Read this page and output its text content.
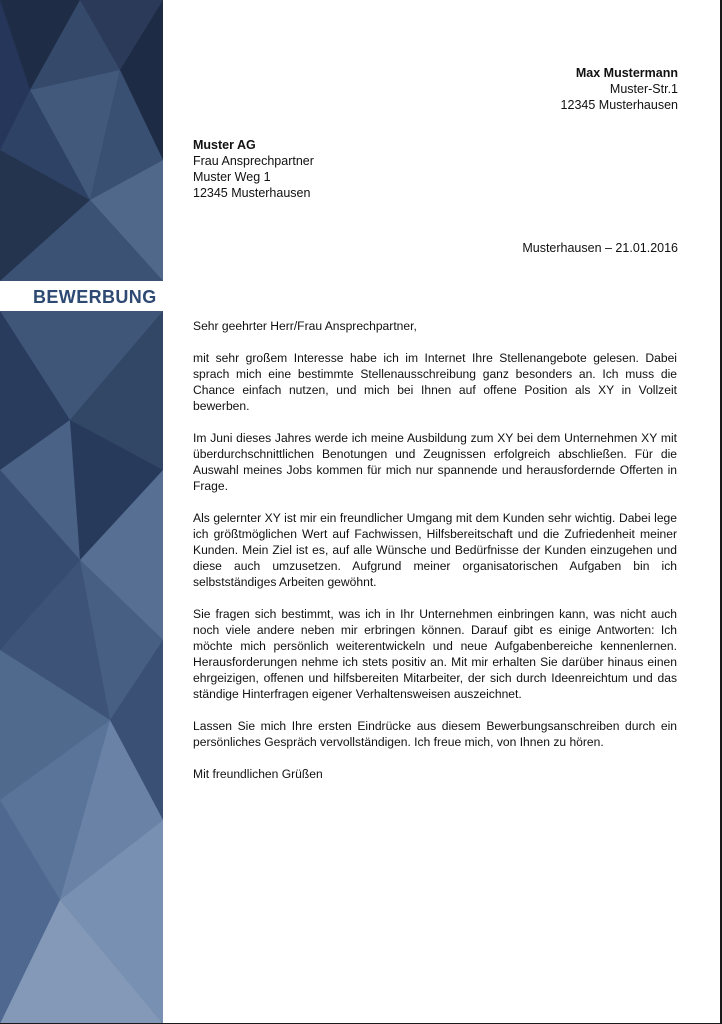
BEWERBUNG
Max Mustermann
Muster-Str.1
12345 Musterhausen
Muster AG
Frau Ansprechpartner
Muster Weg 1
12345 Musterhausen
Musterhausen – 21.01.2016

Sehr geehrter Herr/Frau Ansprechpartner,

mit sehr großem Interesse habe ich im Internet Ihre Stellenangebote gelesen. Dabei sprach mich eine bestimmte Stellenausschreibung ganz besonders an. Ich muss die Chance einfach nutzen, und mich bei Ihnen auf offene Position als XY in Vollzeit bewerben.

Im Juni dieses Jahres werde ich meine Ausbildung zum XY bei dem Unternehmen XY mit überdurchschnittlichen Benotungen und Zeugnissen erfolgreich abschließen. Für die Auswahl meines Jobs kommen für mich nur spannende und herausfordernde Offerten in Frage.

Als gelernter XY ist mir ein freundlicher Umgang mit dem Kunden sehr wichtig. Dabei lege ich größtmöglichen Wert auf Fachwissen, Hilfsbereitschaft und die Zufriedenheit meiner Kunden. Mein Ziel ist es, auf alle Wünsche und Bedürfnisse der Kunden einzugehen und diese auch umzusetzen. Aufgrund meiner organisatorischen Aufgaben bin ich selbstständiges Arbeiten gewöhnt.

Sie fragen sich bestimmt, was ich in Ihr Unternehmen einbringen kann, was nicht auch noch viele andere neben mir erbringen können. Darauf gibt es einige Antworten: Ich möchte mich persönlich weiterentwickeln und neue Aufgabenbereiche kennenlernen. Herausforderungen nehme ich stets positiv an. Mit mir erhalten Sie darüber hinaus einen ehrgeizigen, offenen und hilfsbereiten Mitarbeiter, der sich durch Ideenreichtum und das ständige Hinterfragen eigener Verhaltensweisen auszeichnet.

Lassen Sie mich Ihre ersten Eindrücke aus diesem Bewerbungsanschreiben durch ein persönliches Gespräch vervollständigen. Ich freue mich, von Ihnen zu hören.

Mit freundlichen Grüßen
